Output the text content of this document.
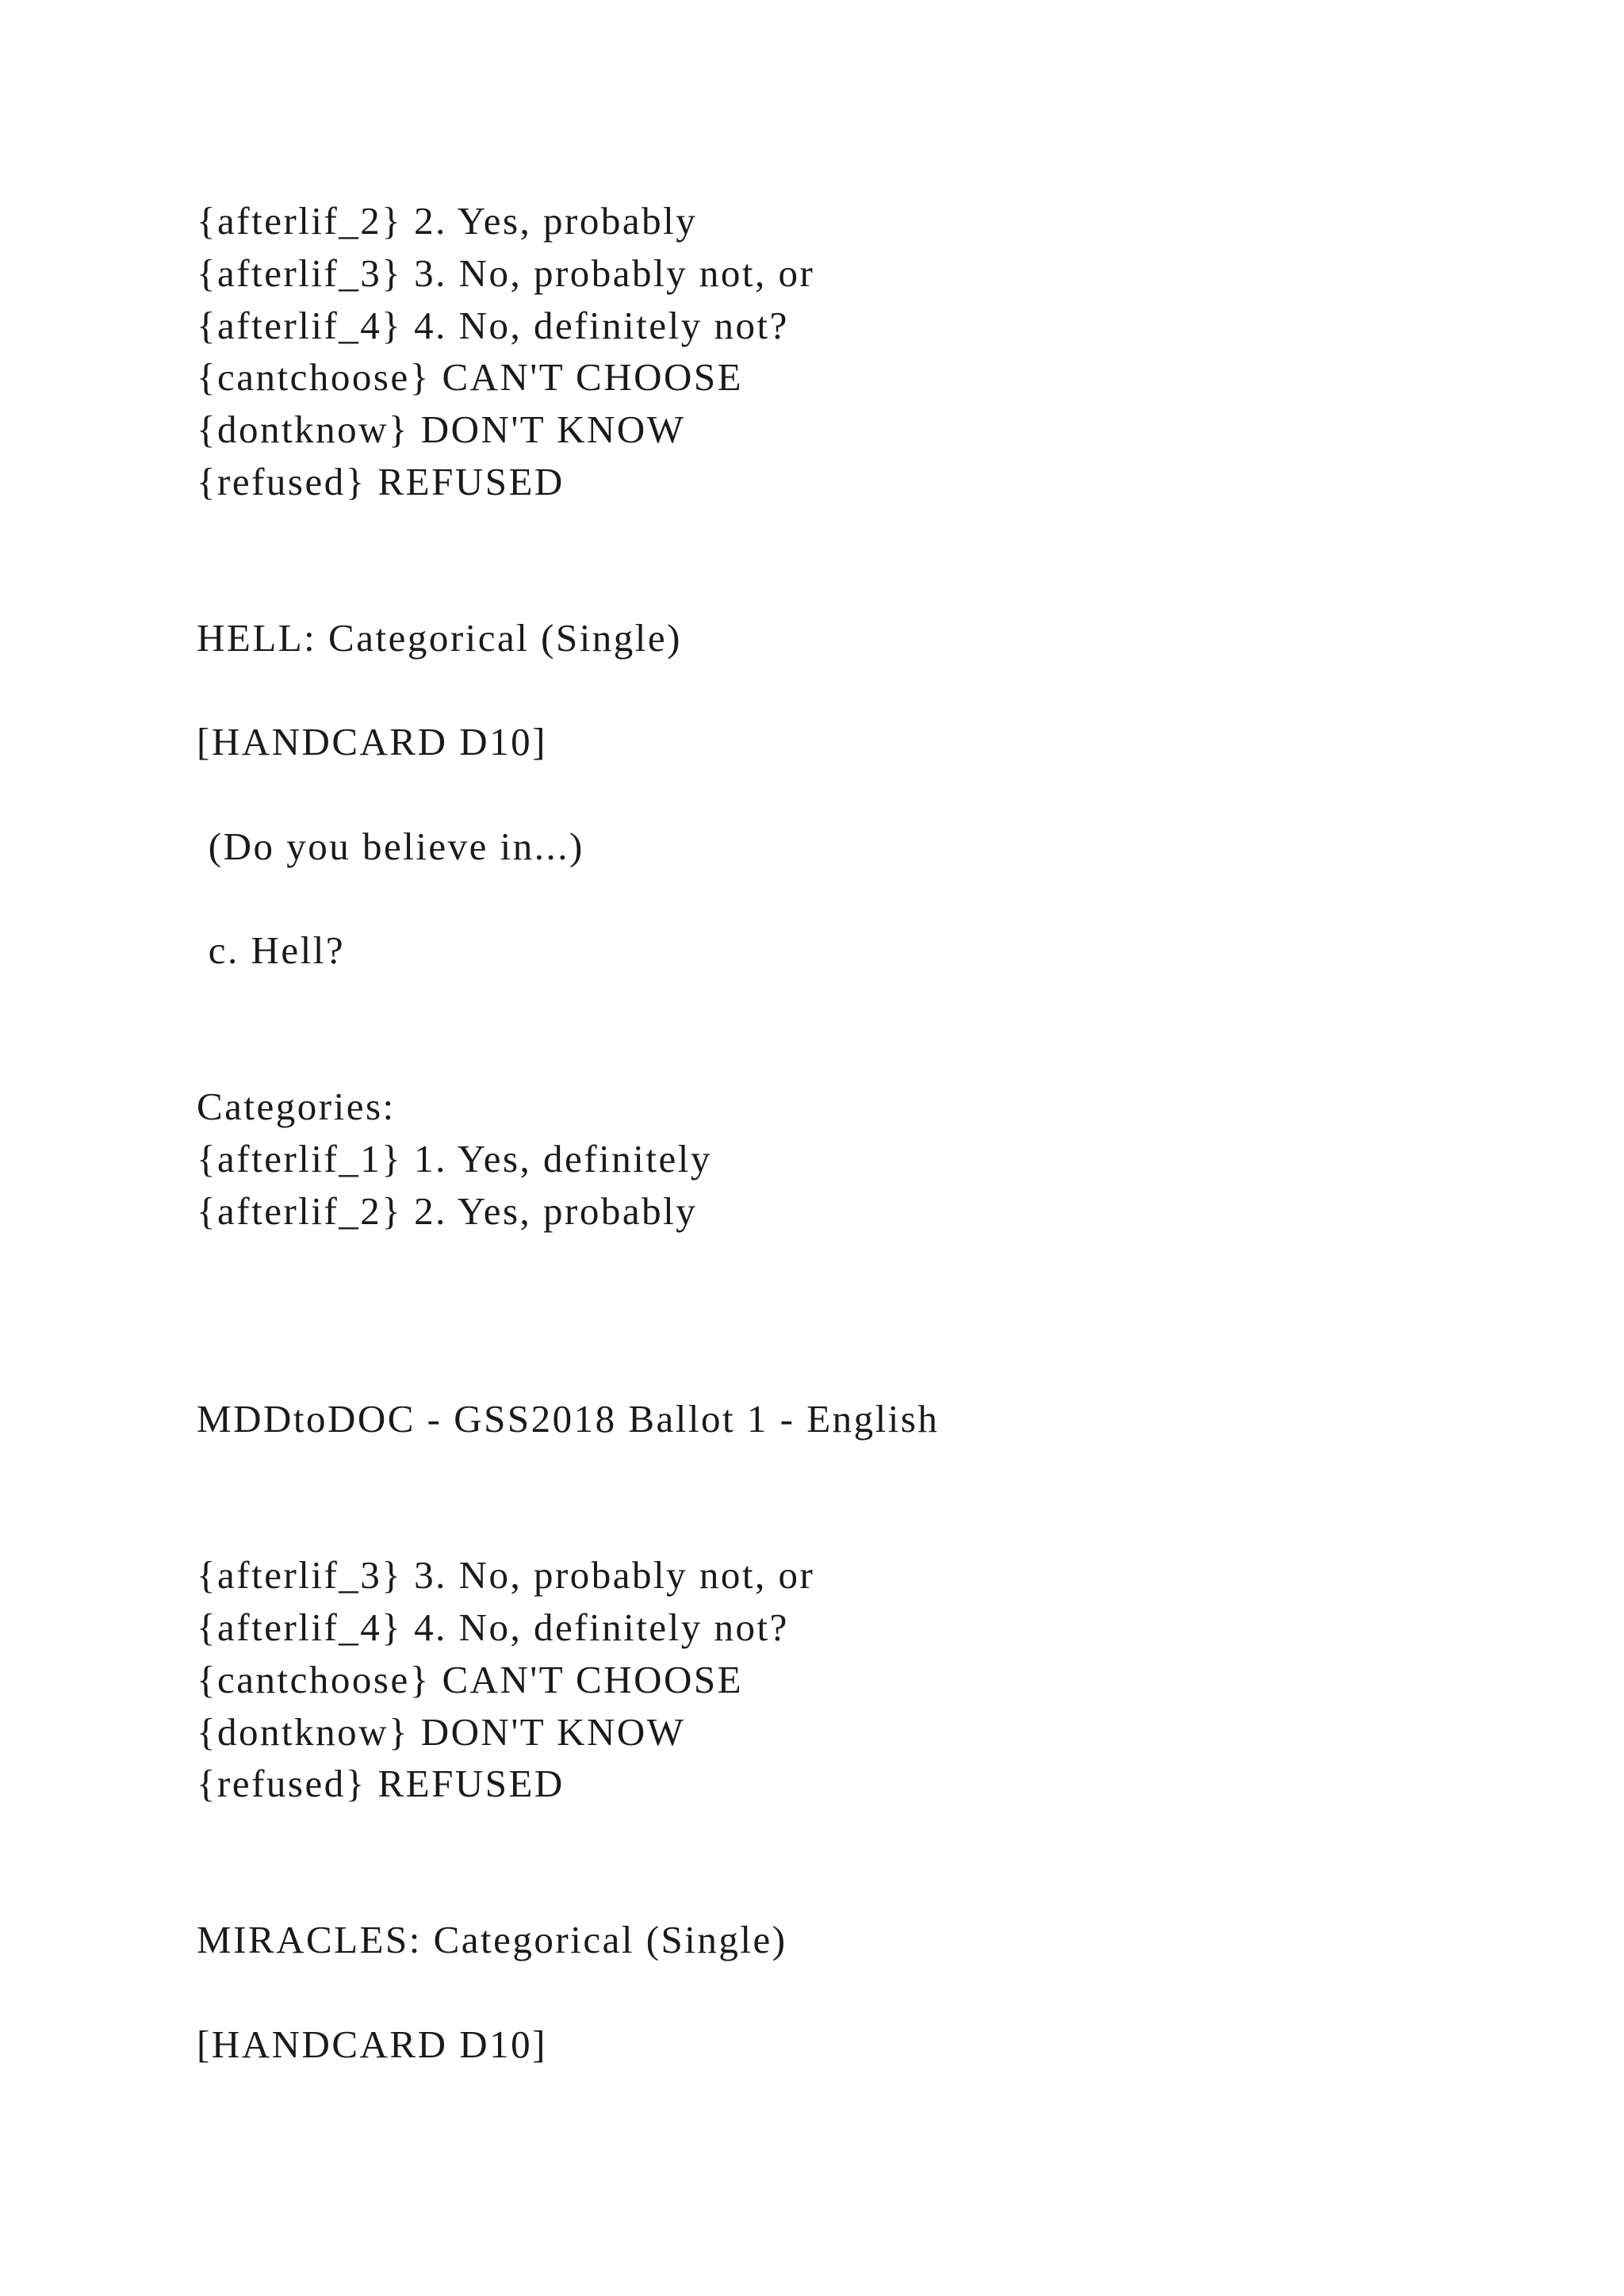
{afterlif_2} 2. Yes, probably
{afterlif_3} 3. No, probably not, or
{afterlif_4} 4. No, definitely not?
{cantchoose} CAN'T CHOOSE
{dontknow} DON'T KNOW
{refused} REFUSED
HELL: Categorical (Single)
[HANDCARD D10]
(Do you believe in...)
c. Hell?
Categories:
{afterlif_1} 1. Yes, definitely
{afterlif_2} 2. Yes, probably
MDDtoDOC - GSS2018 Ballot 1 - English
{afterlif_3} 3. No, probably not, or
{afterlif_4} 4. No, definitely not?
{cantchoose} CAN'T CHOOSE
{dontknow} DON'T KNOW
{refused} REFUSED
MIRACLES: Categorical (Single)
[HANDCARD D10]
